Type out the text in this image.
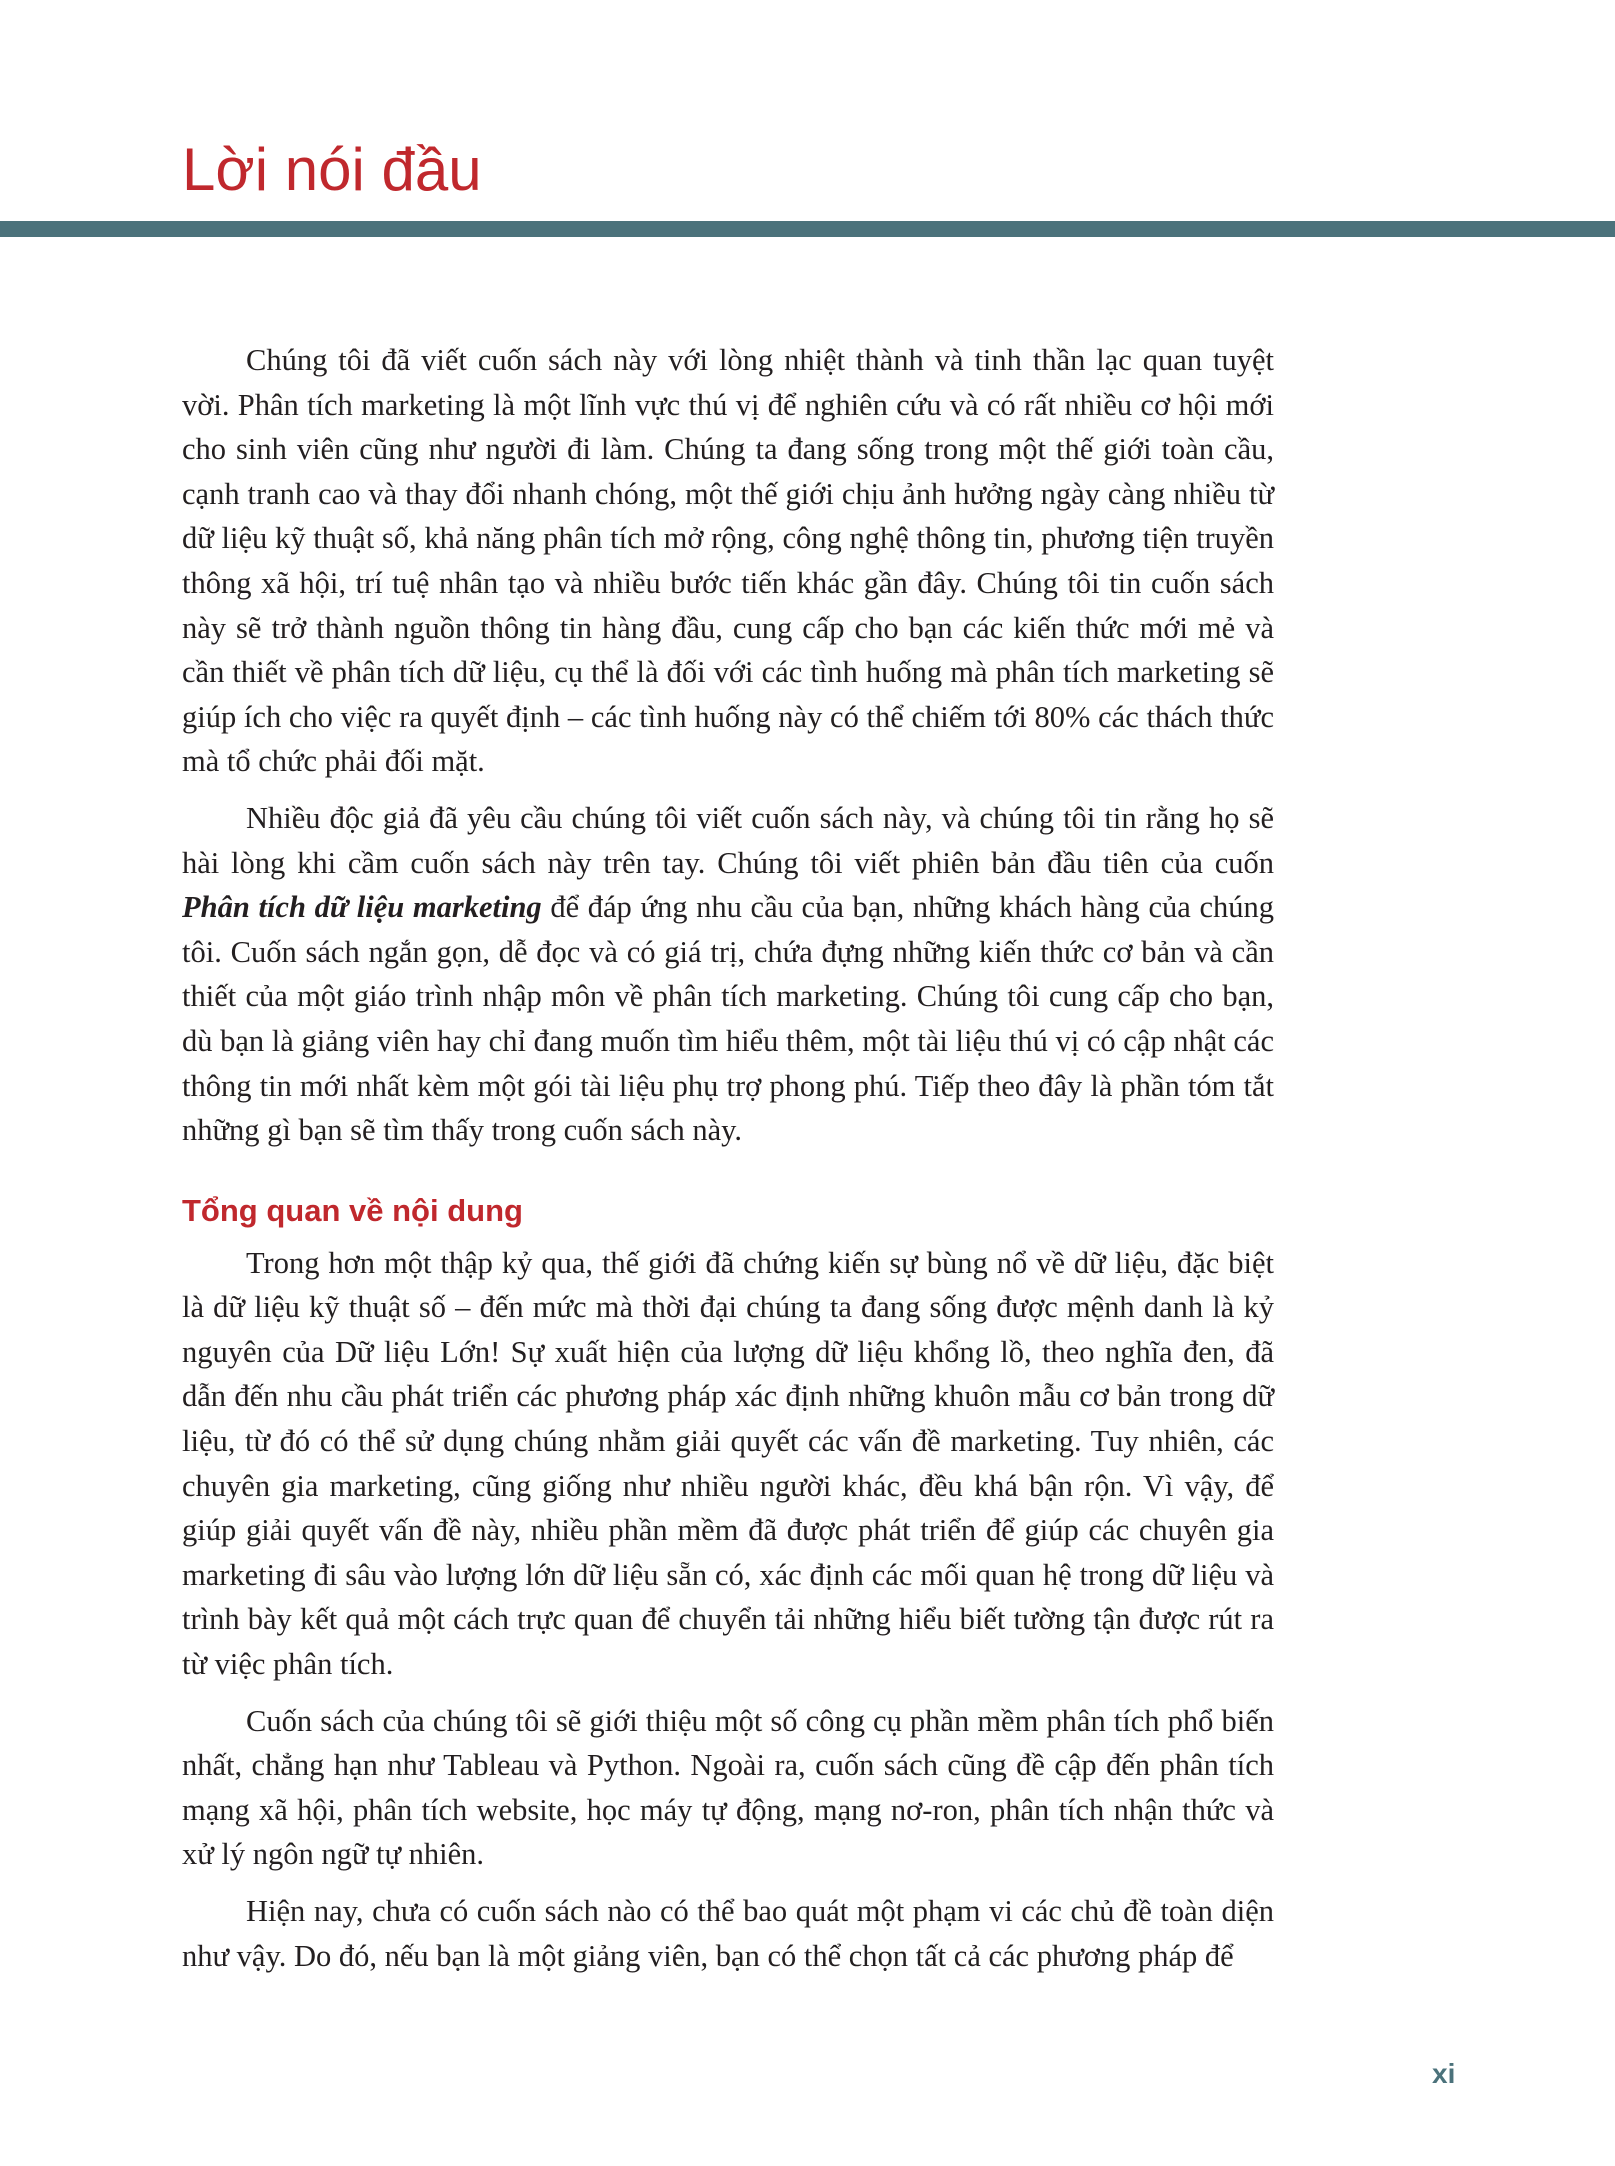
Lời nói đầu

Chúng tôi đã viết cuốn sách này với lòng nhiệt thành và tinh thần lạc quan tuyệt vời. Phân tích marketing là một lĩnh vực thú vị để nghiên cứu và có rất nhiều cơ hội mới cho sinh viên cũng như người đi làm. Chúng ta đang sống trong một thế giới toàn cầu, cạnh tranh cao và thay đổi nhanh chóng, một thế giới chịu ảnh hưởng ngày càng nhiều từ dữ liệu kỹ thuật số, khả năng phân tích mở rộng, công nghệ thông tin, phương tiện truyền thông xã hội, trí tuệ nhân tạo và nhiều bước tiến khác gần đây. Chúng tôi tin cuốn sách này sẽ trở thành nguồn thông tin hàng đầu, cung cấp cho bạn các kiến thức mới mẻ và cần thiết về phân tích dữ liệu, cụ thể là đối với các tình huống mà phân tích marketing sẽ giúp ích cho việc ra quyết định – các tình huống này có thể chiếm tới 80% các thách thức mà tổ chức phải đối mặt.

Nhiều độc giả đã yêu cầu chúng tôi viết cuốn sách này, và chúng tôi tin rằng họ sẽ hài lòng khi cầm cuốn sách này trên tay. Chúng tôi viết phiên bản đầu tiên của cuốn Phân tích dữ liệu marketing để đáp ứng nhu cầu của bạn, những khách hàng của chúng tôi. Cuốn sách ngắn gọn, dễ đọc và có giá trị, chứa đựng những kiến thức cơ bản và cần thiết của một giáo trình nhập môn về phân tích marketing. Chúng tôi cung cấp cho bạn, dù bạn là giảng viên hay chỉ đang muốn tìm hiểu thêm, một tài liệu thú vị có cập nhật các thông tin mới nhất kèm một gói tài liệu phụ trợ phong phú. Tiếp theo đây là phần tóm tắt những gì bạn sẽ tìm thấy trong cuốn sách này.

Tổng quan về nội dung

Trong hơn một thập kỷ qua, thế giới đã chứng kiến sự bùng nổ về dữ liệu, đặc biệt là dữ liệu kỹ thuật số – đến mức mà thời đại chúng ta đang sống được mệnh danh là kỷ nguyên của Dữ liệu Lớn! Sự xuất hiện của lượng dữ liệu khổng lồ, theo nghĩa đen, đã dẫn đến nhu cầu phát triển các phương pháp xác định những khuôn mẫu cơ bản trong dữ liệu, từ đó có thể sử dụng chúng nhằm giải quyết các vấn đề marketing. Tuy nhiên, các chuyên gia marketing, cũng giống như nhiều người khác, đều khá bận rộn. Vì vậy, để giúp giải quyết vấn đề này, nhiều phần mềm đã được phát triển để giúp các chuyên gia marketing đi sâu vào lượng lớn dữ liệu sẵn có, xác định các mối quan hệ trong dữ liệu và trình bày kết quả một cách trực quan để chuyển tải những hiểu biết tường tận được rút ra từ việc phân tích.

Cuốn sách của chúng tôi sẽ giới thiệu một số công cụ phần mềm phân tích phổ biến nhất, chẳng hạn như Tableau và Python. Ngoài ra, cuốn sách cũng đề cập đến phân tích mạng xã hội, phân tích website, học máy tự động, mạng nơ-ron, phân tích nhận thức và xử lý ngôn ngữ tự nhiên.

Hiện nay, chưa có cuốn sách nào có thể bao quát một phạm vi các chủ đề toàn diện như vậy. Do đó, nếu bạn là một giảng viên, bạn có thể chọn tất cả các phương pháp để

xi
